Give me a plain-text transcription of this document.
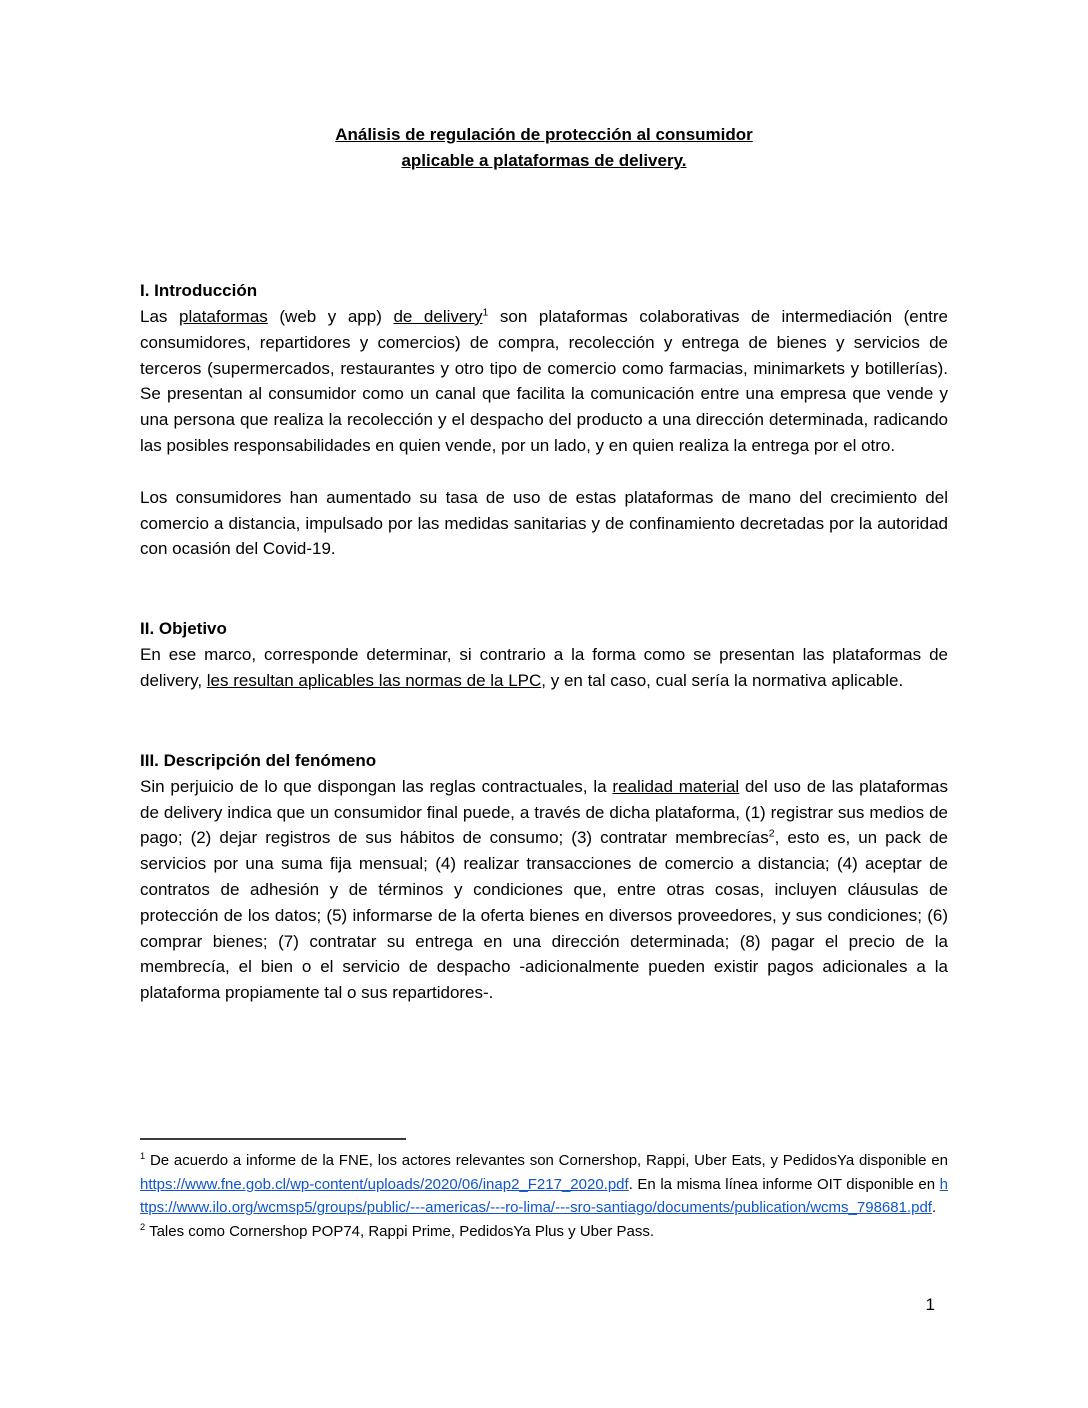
Análisis de regulación de protección al consumidor
aplicable a plataformas de delivery.
I. Introducción

Las plataformas (web y app) de delivery$^1$ son plataformas colaborativas de intermediación (entre consumidores, repartidores y comercios) de compra, recolección y entrega de bienes y servicios de terceros (supermercados, restaurantes y otro tipo de comercio como farmacias, minimarkets y botillerías). Se presentan al consumidor como un canal que facilita la comunicación entre una empresa que vende y una persona que realiza la recolección y el despacho del producto a una dirección determinada, radicando las posibles responsabilidades en quien vende, por un lado, y en quien realiza la entrega por el otro.

Los consumidores han aumentado su tasa de uso de estas plataformas de mano del crecimiento del comercio a distancia, impulsado por las medidas sanitarias y de confinamiento decretadas por la autoridad con ocasión del Covid-19.

II. Objetivo

En ese marco, corresponde determinar, si contrario a la forma como se presentan las plataformas de delivery, les resultan aplicables las normas de la LPC, y en tal caso, cual sería la normativa aplicable.

III. Descripción del fenómeno

Sin perjuicio de lo que dispongan las reglas contractuales, la realidad material del uso de las plataformas de delivery indica que un consumidor final puede, a través de dicha plataforma, (1) registrar sus medios de pago; (2) dejar registros de sus hábitos de consumo; (3) contratar membrecías$^2$, esto es, un pack de servicios por una suma fija mensual; (4) realizar transacciones de comercio a distancia; (4) aceptar de contratos de adhesión y de términos y condiciones que, entre otras cosas, incluyen cláusulas de protección de los datos; (5) informarse de la oferta bienes en diversos proveedores, y sus condiciones; (6) comprar bienes; (7) contratar su entrega en una dirección determinada; (8) pagar el precio de la membrecía, el bien o el servicio de despacho -adicionalmente pueden existir pagos adicionales a la plataforma propiamente tal o sus repartidores-.

$^1$ De acuerdo a informe de la FNE, los actores relevantes son Cornershop, Rappi, Uber Eats, y PedidosYa disponible en https://www.fne.gob.cl/wp-content/uploads/2020/06/inap2_F217_2020.pdf. En la misma línea informe OIT disponible en https://www.ilo.org/wcmsp5/groups/public/---americas/---ro-lima/---sro-santiago/documents/publication/wcms_798681.pdf.
$^2$ Tales como Cornershop POP74, Rappi Prime, PedidosYa Plus y Uber Pass.
1
